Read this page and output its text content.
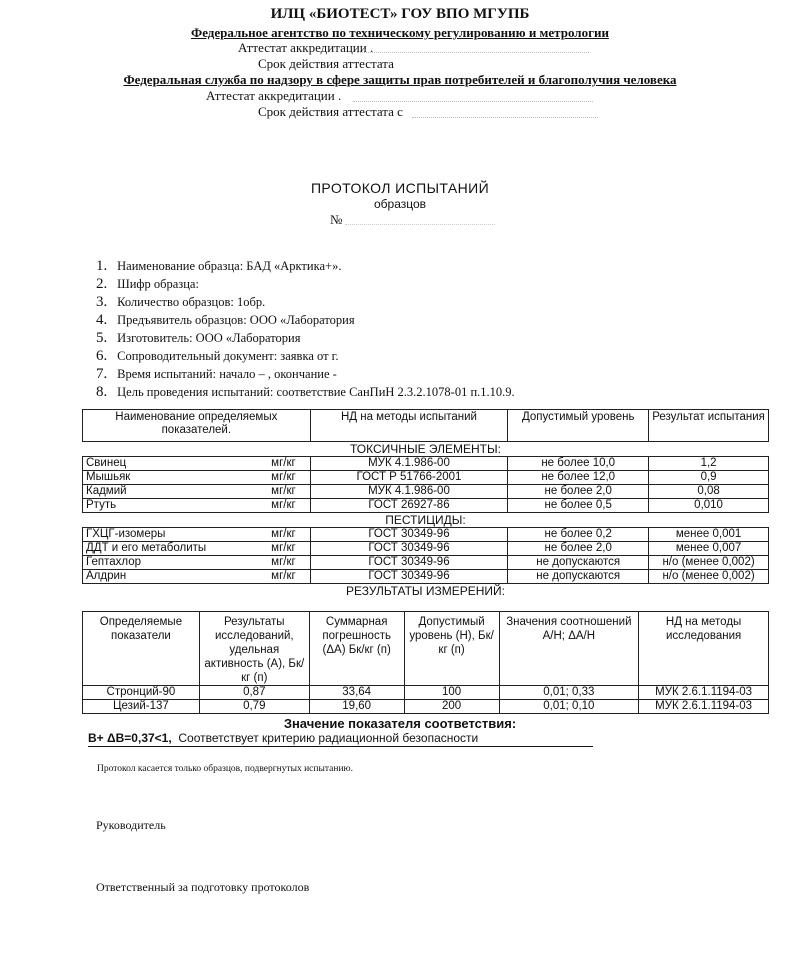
ИЛЦ «БИОТЕСТ» ГОУ ВПО МГУПБ
Федеральное агентство по техническому регулированию и метрологии
Аттестат аккредитации .
Срок действия аттестата
Федеральная служба по надзору в сфере защиты прав потребителей и благополучия человека
Аттестат аккредитации .
Срок действия аттестата с
ПРОТОКОЛ ИСПЫТАНИЙ
образцов
№
1. Наименование образца: БАД «Арктика+».
2. Шифр образца:
3. Количество образцов: 1обр.
4. Предъявитель образцов: ООО «Лаборатория
5. Изготовитель: ООО «Лаборатория
6. Сопроводительный документ: заявка от г.
7. Время испытаний: начало – , окончание -
8. Цель проведения испытаний: соответствие СанПиН 2.3.2.1078-01 п.1.10.9.
Наименование определяемых показателей.		НД на методы испытаний	Допустимый уровень	Результат испытания
ТОКСИЧНЫЕ ЭЛЕМЕНТЫ:				
Свинец	мг/кг	МУК 4.1.986-00	не более 10,0	1,2
Мышьяк	мг/кг	ГОСТ Р 51766-2001	не более 12,0	0,9
Кадмий	мг/кг	МУК 4.1.986-00	не более 2,0	0,08
Ртуть	мг/кг	ГОСТ 26927-86	не более 0,5	0,010
ПЕСТИЦИДЫ:				
ГХЦГ-изомеры	мг/кг	ГОСТ 30349-96	не более 0,2	менее 0,001
ДДТ и его метаболиты	мг/кг	ГОСТ 30349-96	не более 2,0	менее 0,007
Гептахлор	мг/кг	ГОСТ 30349-96	не допускаются	н/о (менее 0,002)
Алдрин	мг/кг	ГОСТ 30349-96	не допускаются	н/о (менее 0,002)
РЕЗУЛЬТАТЫ ИЗМЕРЕНИЙ:				
Определяемые показатели	Результаты исследований, удельная активность (А), Бк/кг (п)	Суммарная погрешность (ΔА) Бк/кг (п)	Допустимый уровень (Н), Бк/кг (п)	Значения соотношений А/Н; ΔА/Н	НД на методы исследования
Стронций-90	0,87	33,64	100	0,01; 0,33	МУК 2.6.1.1194-03
Цезий-137	0,79	19,60	200	0,01; 0,10	МУК 2.6.1.1194-03
Значение показателя соответствия:
В+ ΔВ=0,37<1, Соответствует критерию радиационной безопасности
Протокол касается только образцов, подвергнутых испытанию.
Руководитель
Ответственный за подготовку протоколов
